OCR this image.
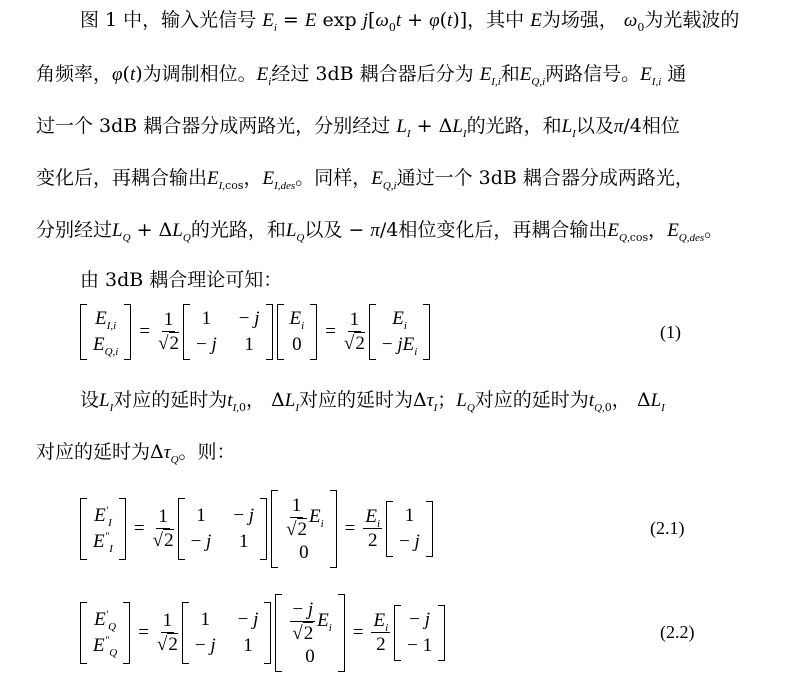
图 1 中，输入光信号 $E_i = E$ $\exp j[\omega_0t + \varphi(t)]$，其中 E为场强， $\omega_0$为光载波的
角频率，φ(t)为调制相位。$E_i$经过 3dB 耦合器后分为 $E_{I,i}$和$E_{Q,i}$两路信号。$E_{I,i}$ 通
过一个 3dB 耦合器分成两路光，分别经过 $L_I + \Delta L_I$的光路，和$L_I$以及π/4相位
变化后，再耦合输出$E_{I,cos}$，$E_{I,des}$。同样，$E_{Q,i}$通过一个 3dB 耦合器分成两路光，
分别经过$L_Q + \Delta L_Q$的光路，和$L_Q$以及 − π/4相位变化后，再耦合输出$E_{Q,cos}$，$E_{Q,des}$。
由 3dB 耦合理论可知：
$E_{I,i}$
$E_{Q,i}$
= $\frac{1}{√2} 1 - j$
− j 1
$E_i$
0
= $\frac{1}{√2}$	$E_i$
− $jE_i$
(1)
设$L_I$对应的延时为$t_{I,0}$， $\Delta L_I$对应的延时为$\Delta\tau_I$；$L_Q$对应的延时为$t_{Q,0}$， $\Delta L_I$
对应的延时为$\Delta\tau_Q$。则：
$E'_I$
$E^"_I$
= $\frac{1}{√2} 1 - j$
− j $1 \frac{1}{√2} E_i$
0
= $\frac{E_i}{2} 1$
− j
(2.1)
$E'_Q$
$E^"_Q$
= $\frac{1}{√2} 1 - j$
− j $1 \frac{- j}{√2} E_i$
0
= $\frac{E_i}{2} - j$
− 1
(2.2)
